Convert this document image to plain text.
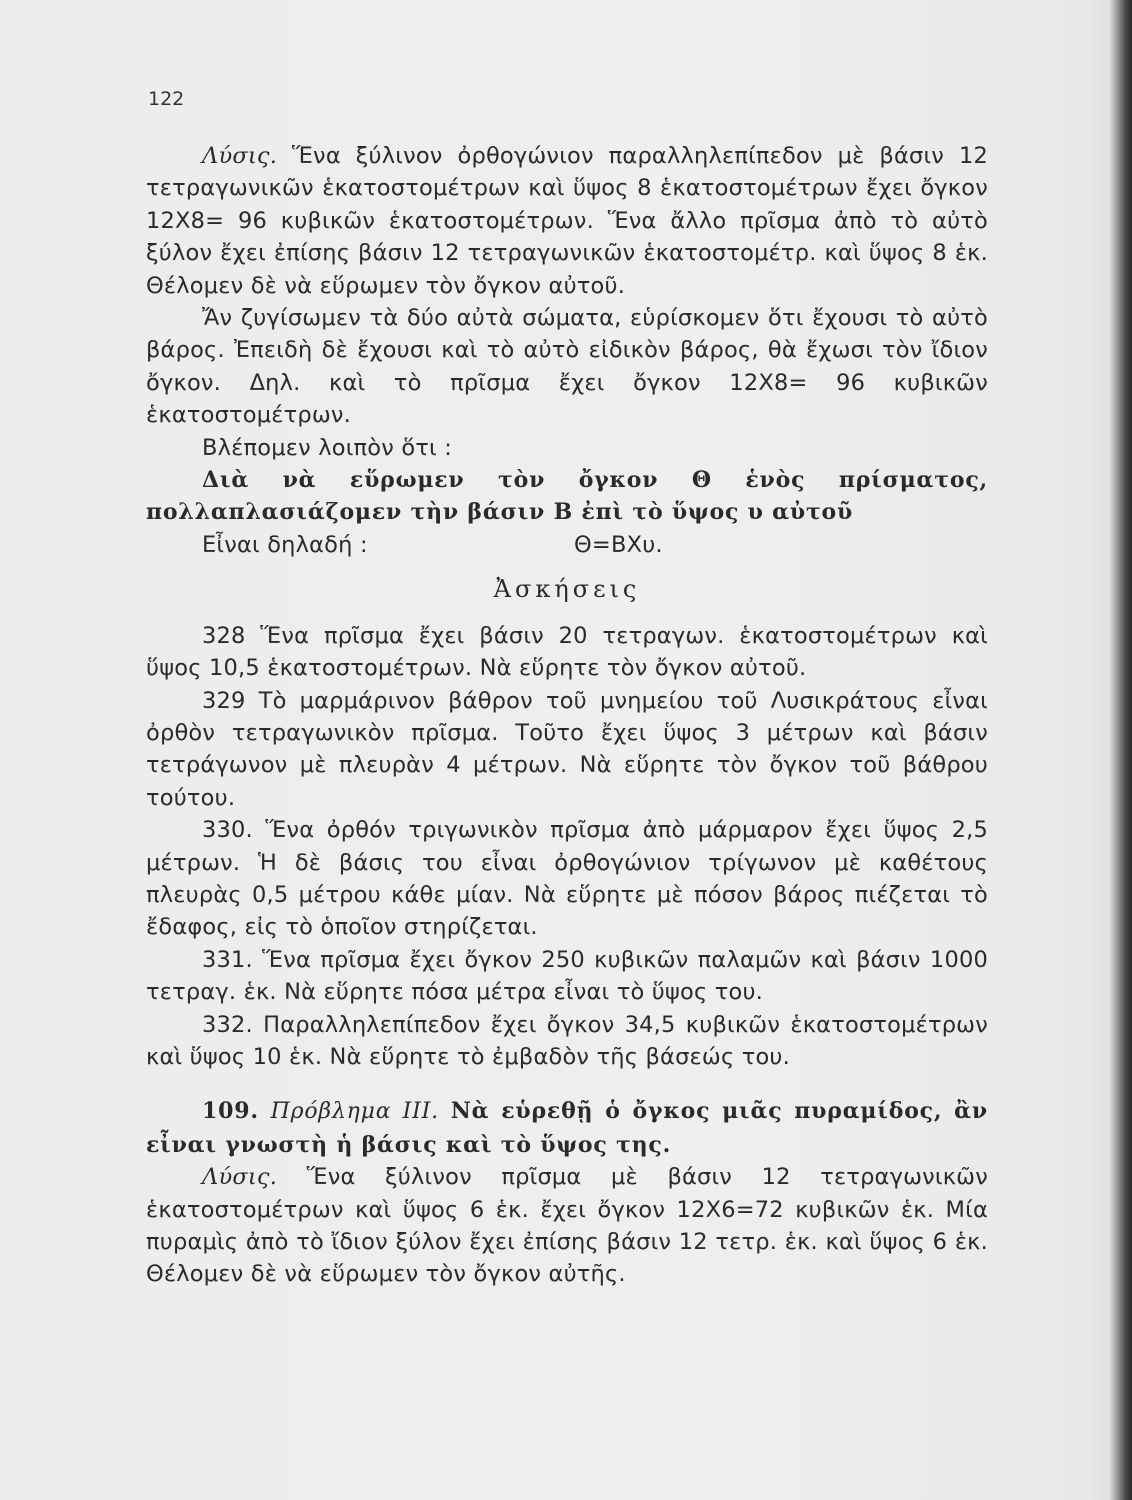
122

Λύσις. Ἕνα ξύλινον ὀρθογώνιον παραλληλεπίπεδον μὲ βάσιν 12 τετραγωνικῶν ἑκατοστομέτρων καὶ ὕψος 8 ἑκατοστομέτρων ἔχει ὄγκον 12Χ8= 96 κυβικῶν ἑκατοστομέτρων. Ἕνα ἄλλο πρῖσμα ἀπὸ τὸ αὐτὸ ξύλον ἔχει ἐπίσης βάσιν 12 τετραγωνικῶν ἑκατοστομέτρ. καὶ ὕψος 8 ἑκ. Θέλομεν δὲ νὰ εὕρωμεν τὸν ὄγκον αὐτοῦ.

Ἄν ζυγίσωμεν τὰ δύο αὐτὰ σώματα, εὑρίσκομεν ὅτι ἔχουσι τὸ αὐτὸ βάρος. Ἐπειδὴ δὲ ἔχουσι καὶ τὸ αὐτὸ εἰδικὸν βάρος, θὰ ἔχωσι τὸν ἴδιον ὄγκον. Δηλ. καὶ τὸ πρῖσμα ἔχει ὄγκον 12Χ8= 96 κυβικῶν ἑκατοστομέτρων.

Βλέπομεν λοιπὸν ὅτι :

Διὰ νὰ εὕρωμεν τὸν ὄγκον Θ ἑνὸς πρίσματος, πολλαπλασιάζομεν τὴν βάσιν Β ἐπὶ τὸ ὕψος υ αὐτοῦ

Εἶναι δηλαδή :	Θ=ΒΧυ.
Ἀσκήσεις

328 Ἕνα πρῖσμα ἔχει βάσιν 20 τετραγων. ἑκατοστομέτρων καὶ ὕψος 10,5 ἑκατοστομέτρων. Νὰ εὕρητε τὸν ὄγκον αὐτοῦ.

329 Τὸ μαρμάρινον βάθρον τοῦ μνημείου τοῦ Λυσικράτους εἶναι ὀρθὸν τετραγωνικὸν πρῖσμα. Τοῦτο ἔχει ὕψος 3 μέτρων καὶ βάσιν τετράγωνον μὲ πλευρὰν 4 μέτρων. Νὰ εὕρητε τὸν ὄγκον τοῦ βάθρου τούτου.

330. Ἕνα ὀρθόν τριγωνικὸν πρῖσμα ἀπὸ μάρμαρον ἔχει ὕψος 2,5 μέτρων. Ἡ δὲ βάσις του εἶναι ὀρθογώνιον τρίγωνον μὲ καθέτους πλευρὰς 0,5 μέτρου κάθε μίαν. Νὰ εὕρητε μὲ πόσον βάρος πιέζεται τὸ ἔδαφος, εἰς τὸ ὁποῖον στηρίζεται.

331. Ἕνα πρῖσμα ἔχει ὄγκον 250 κυβικῶν παλαμῶν καὶ βάσιν 1000 τετραγ. ἑκ. Νὰ εὕρητε πόσα μέτρα εἶναι τὸ ὕψος του.

332. Παραλληλεπίπεδον ἔχει ὄγκον 34,5 κυβικῶν ἑκατοστομέτρων καὶ ὕψος 10 ἑκ. Νὰ εὕρητε τὸ ἐμβαδὸν τῆς βάσεώς του.

109. Πρόβλημα III. Νὰ εὑρεθῇ ὁ ὄγκος μιᾶς πυραμίδος, ἂν εἶναι γνωστὴ ἡ βάσις καὶ τὸ ὕψος της.

Λύσις. Ἕνα ξύλινον πρῖσμα μὲ βάσιν 12 τετραγωνικῶν ἑκατοστομέτρων καὶ ὕψος 6 ἑκ. ἔχει ὄγκον 12Χ6=72 κυβικῶν ἑκ. Μία πυραμὶς ἀπὸ τὸ ἴδιον ξύλον ἔχει ἐπίσης βάσιν 12 τετρ. ἑκ. καὶ ὕψος 6 ἑκ. Θέλομεν δὲ νὰ εὕρωμεν τὸν ὄγκον αὐτῆς.
